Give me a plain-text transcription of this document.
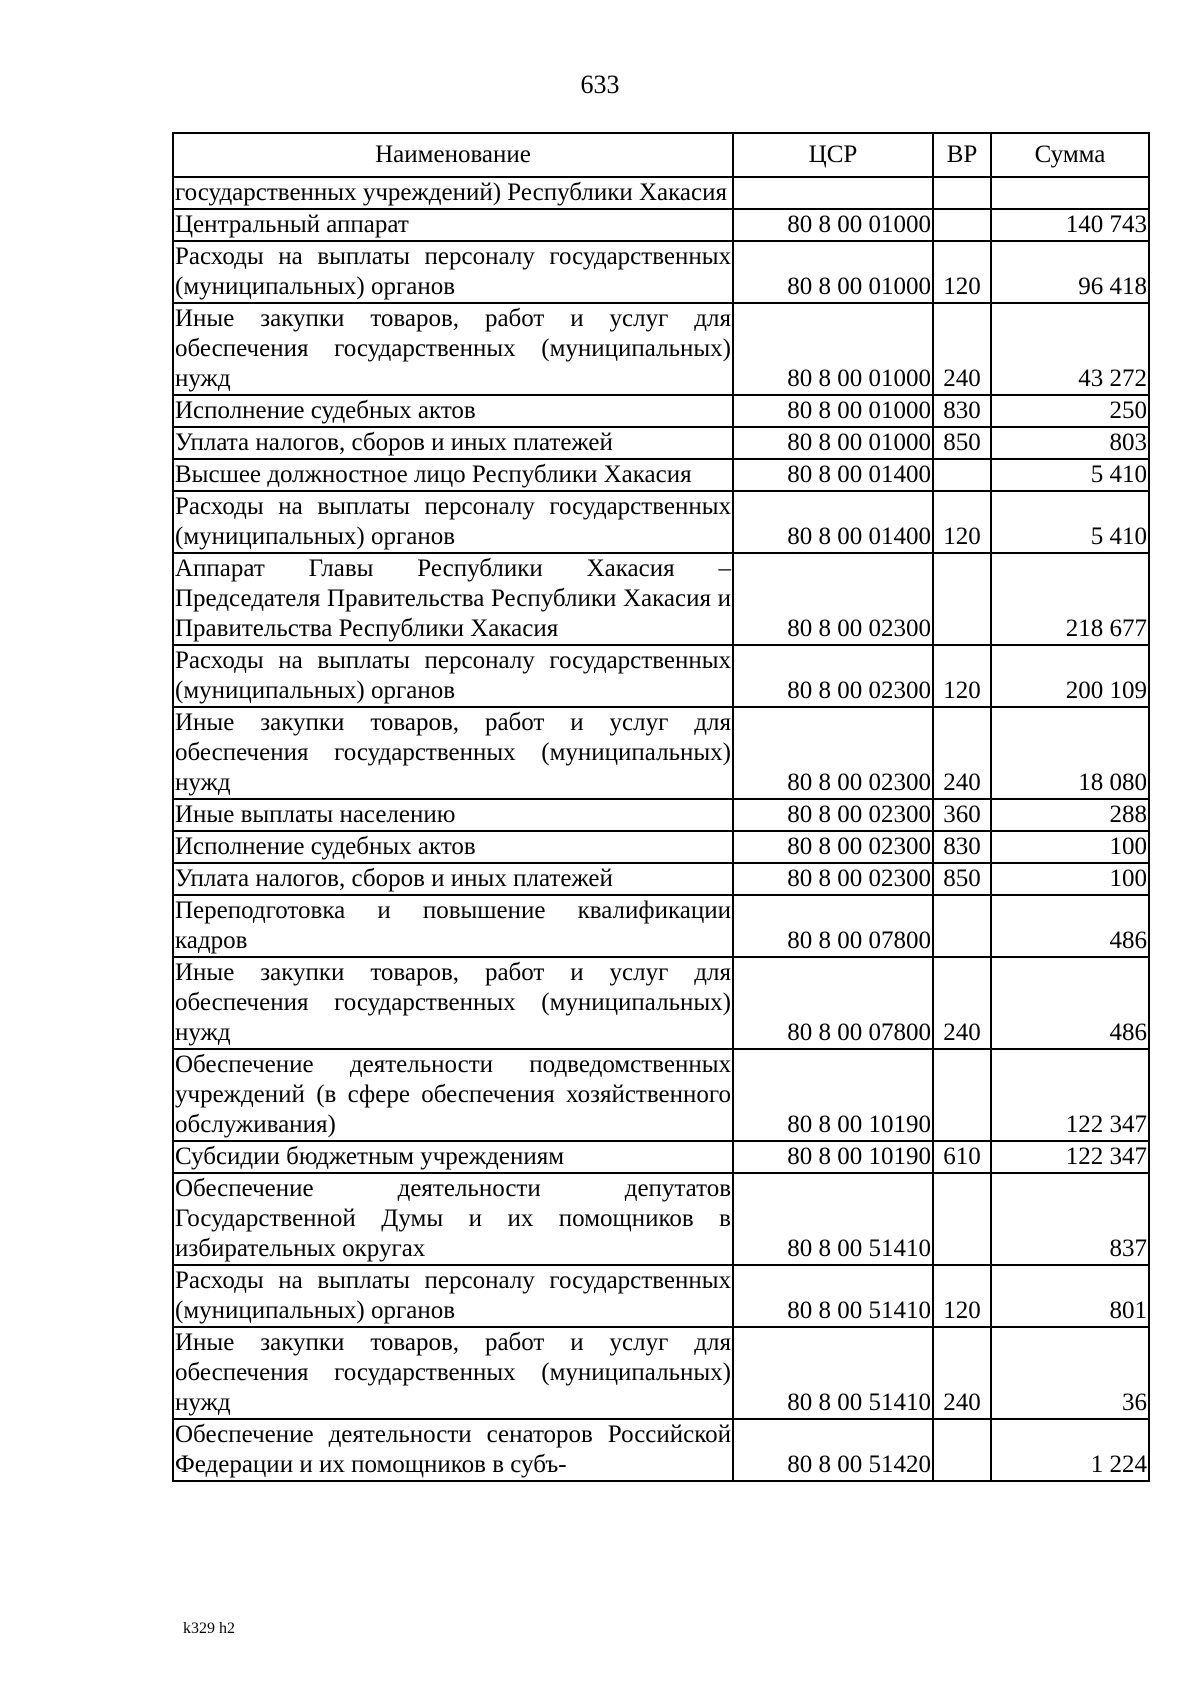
633
Наименование	ЦСР	ВР	Сумма
государственных учреждений) Республики Хакасия			
Центральный аппарат	80 8 00 01000		140 743
Расходы на выплаты персоналу государственных (муниципальных) органов	80 8 00 01000	120	96 418
Иные закупки товаров, работ и услуг для обеспечения государственных (муниципальных) нужд	80 8 00 01000	240	43 272
Исполнение судебных актов	80 8 00 01000	830	250
Уплата налогов, сборов и иных платежей	80 8 00 01000	850	803
Высшее должностное лицо Республики Хакасия	80 8 00 01400		5 410
Расходы на выплаты персоналу государственных (муниципальных) органов	80 8 00 01400	120	5 410
Аппарат Главы Республики Хакасия – Председателя Правительства Республики Хакасия и Правительства Республики Хакасия	80 8 00 02300		218 677
Расходы на выплаты персоналу государственных (муниципальных) органов	80 8 00 02300	120	200 109
Иные закупки товаров, работ и услуг для обеспечения государственных (муниципальных) нужд	80 8 00 02300	240	18 080
Иные выплаты населению	80 8 00 02300	360	288
Исполнение судебных актов	80 8 00 02300	830	100
Уплата налогов, сборов и иных платежей	80 8 00 02300	850	100
Переподготовка и повышение квалификации кадров	80 8 00 07800		486
Иные закупки товаров, работ и услуг для обеспечения государственных (муниципальных) нужд	80 8 00 07800	240	486
Обеспечение деятельности подведомственных учреждений (в сфере обеспечения хозяйственного обслуживания)	80 8 00 10190		122 347
Субсидии бюджетным учреждениям	80 8 00 10190	610	122 347
Обеспечение деятельности депутатов Государственной Думы и их помощников в избирательных округах	80 8 00 51410		837
Расходы на выплаты персоналу государственных (муниципальных) органов	80 8 00 51410	120	801
Иные закупки товаров, работ и услуг для обеспечения государственных (муниципальных) нужд	80 8 00 51410	240	36
Обеспечение деятельности сенаторов Российской Федерации и их помощников в субъ-	80 8 00 51420		1 224
k329 h2
